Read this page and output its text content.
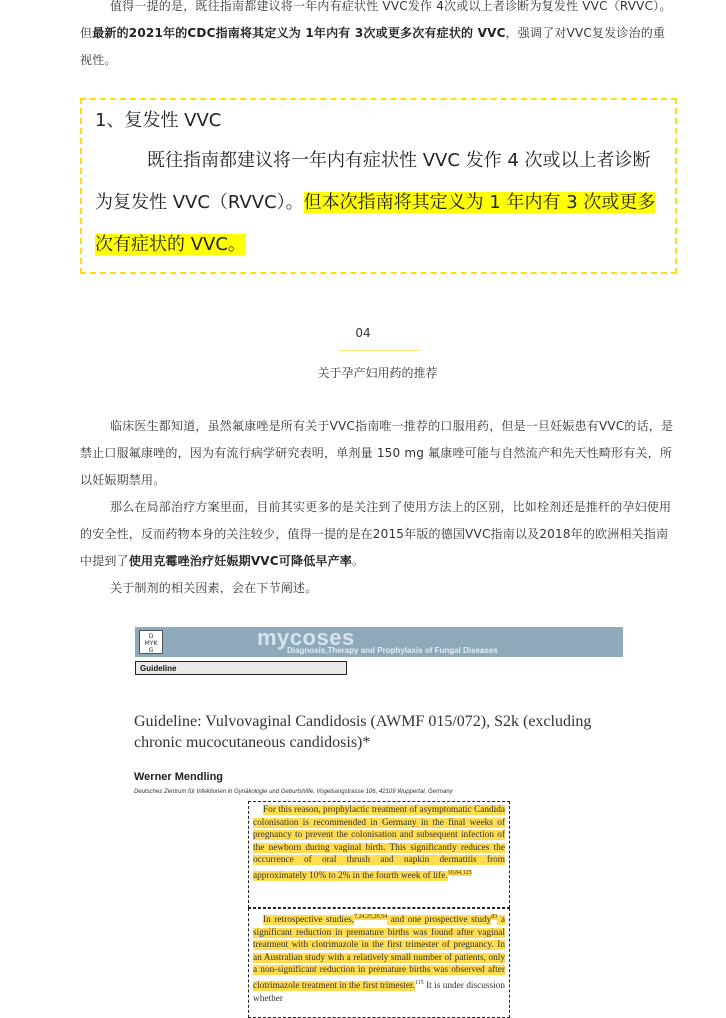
值得一提的是，既往指南都建议将一年内有症状性 VVC发作 4次或以上者诊断为复发性 VVC（RVVC）。但最新的2021年的CDC指南将其定义为 1年内有 3次或更多次有症状的 VVC，强调了对VVC复发诊治的重视性。
1、复发性 VVC
既往指南都建议将一年内有症状性 VVC 发作 4 次或以上者诊断为复发性 VVC（RVVC）。但本次指南将其定义为 1 年内有 3 次或更多次有症状的 VVC。
04
关于孕产妇用药的推荐
临床医生都知道，虽然氟康唑是所有关于VVC指南唯一推荐的口服用药，但是一旦妊娠患有VVC的话，是禁止口服氟康唑的，因为有流行病学研究表明，单剂量 150 mg 氟康唑可能与自然流产和先天性畸形有关，所以妊娠期禁用。
那么在局部治疗方案里面，目前其实更多的是关注到了使用方法上的区别，比如栓剂还是推杆的孕妇使用的安全性，反而药物本身的关注较少，值得一提的是在2015年版的德国VVC指南以及2018年的欧洲相关指南中提到了使用克霉唑治疗妊娠期VVC可降低早产率。
关于制剂的相关因素，会在下节阐述。
D
MYK
G
mycoses
Diagnosis,Therapy and Prophylaxis of Fungal Diseases
Guideline
Guideline: Vulvovaginal Candidosis (AWMF 015/072), S2k (excluding chronic mucocutaneous candidosis)*
Werner Mendling
Deutsches Zentrum für Infektionen in Gynäkologie und Geburtshilfe, Vogelsangstrasse 106, 42109 Wuppertal, Germany
For this reason, prophylactic treatment of asymptomatic Candida colonisation is recommended in Germany in the final weeks of pregnancy to prevent the colonisation and subsequent infection of the newborn during vaginal birth. This significantly reduces the occurrence of oral thrush and napkin dermatitis from approximately 10% to 2% in the fourth week of life.$^{10,84,125}$
In retrospective studies,$^{7,24,25,26,54}$ and one prospective study$^{83}$ a significant reduction in premature births was found after vaginal treatment with clotrimazole in the first trimester of pregnancy. In an Australian study with a relatively small number of patients, only a non-significant reduction in premature births was observed after clotrimazole treatment in the first trimester.$^{115}$ It is under discussion whether
